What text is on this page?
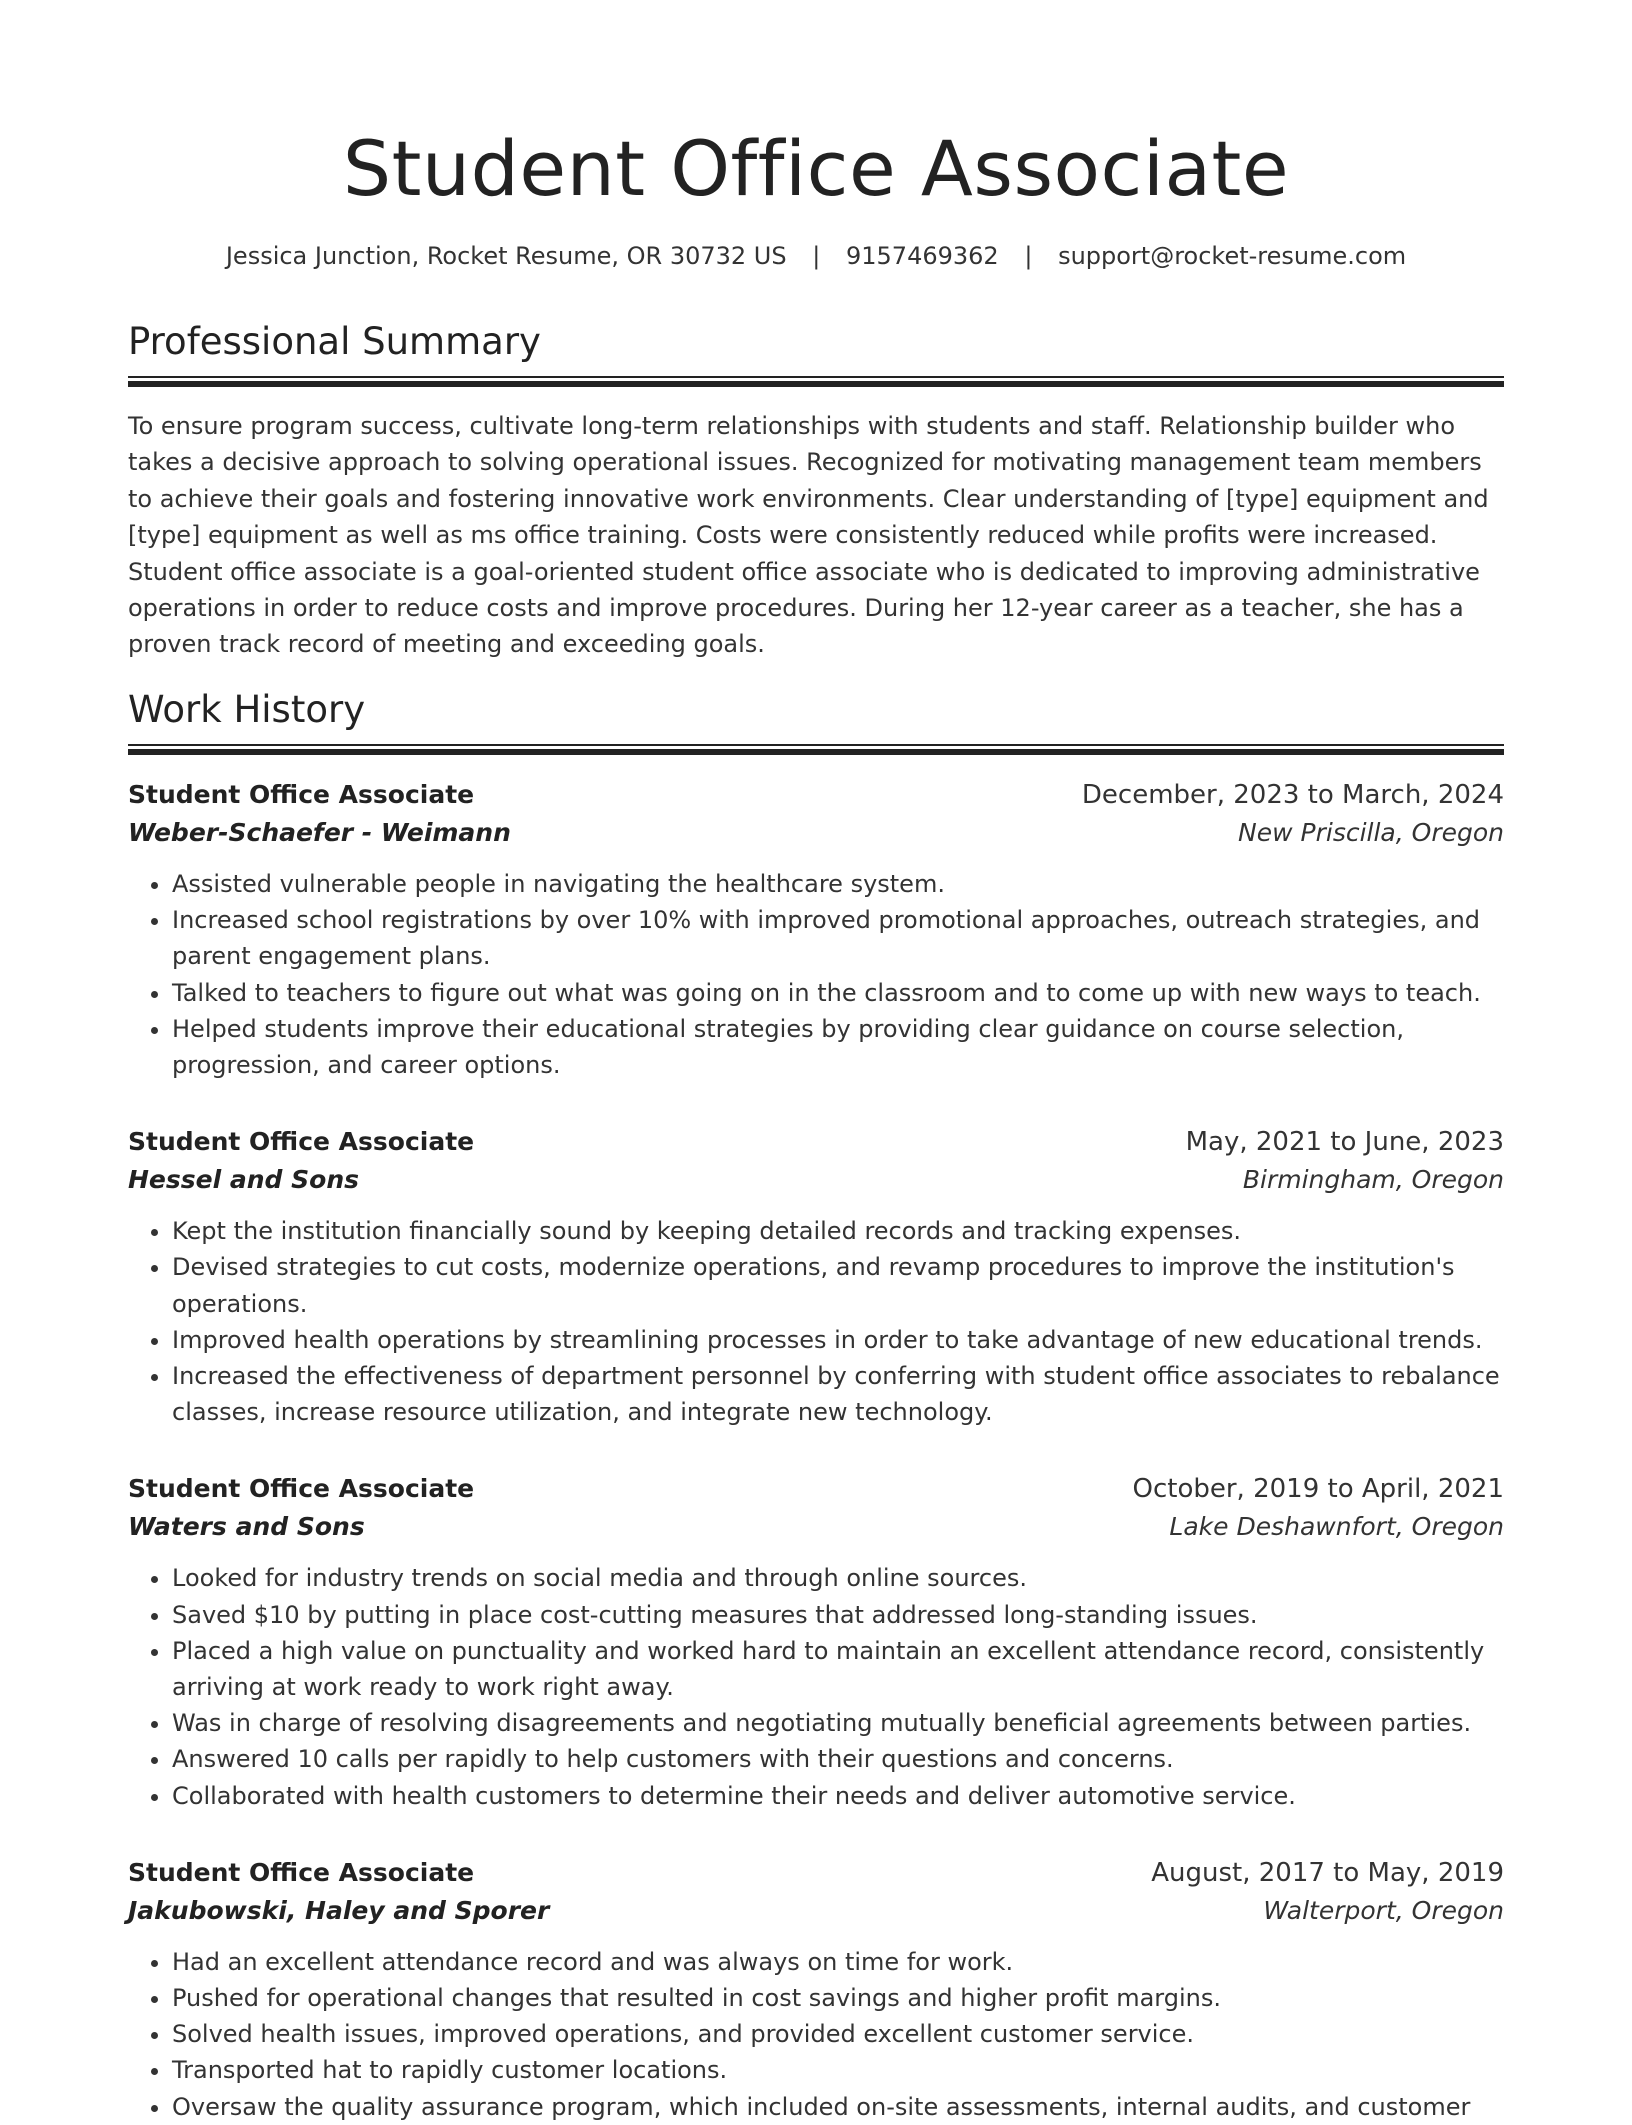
Student Office Associate
Jessica Junction, Rocket Resume, OR 30732 US | 9157469362 | support@rocket-resume.com
Professional Summary

To ensure program success, cultivate long-term relationships with students and staff. Relationship builder who takes a decisive approach to solving operational issues. Recognized for motivating management team members to achieve their goals and fostering innovative work environments. Clear understanding of [type] equipment and [type] equipment as well as ms office training. Costs were consistently reduced while profits were increased. Student office associate is a goal-oriented student office associate who is dedicated to improving administrative operations in order to reduce costs and improve procedures. During her 12-year career as a teacher, she has a proven track record of meeting and exceeding goals.

Work History
Student Office Associate	December, 2023 to March, 2024
Weber-Schaefer - Weimann	New Priscilla, Oregon
• Assisted vulnerable people in navigating the healthcare system.
• Increased school registrations by over 10% with improved promotional approaches, outreach strategies, and parent engagement plans.
• Talked to teachers to figure out what was going on in the classroom and to come up with new ways to teach.
• Helped students improve their educational strategies by providing clear guidance on course selection, progression, and career options.
Student Office Associate	May, 2021 to June, 2023
Hessel and Sons	Birmingham, Oregon
• Kept the institution financially sound by keeping detailed records and tracking expenses.
• Devised strategies to cut costs, modernize operations, and revamp procedures to improve the institution's operations.
• Improved health operations by streamlining processes in order to take advantage of new educational trends.
• Increased the effectiveness of department personnel by conferring with student office associates to rebalance classes, increase resource utilization, and integrate new technology.
Student Office Associate	October, 2019 to April, 2021
Waters and Sons	Lake Deshawnfort, Oregon
• Looked for industry trends on social media and through online sources.
• Saved $10 by putting in place cost-cutting measures that addressed long-standing issues.
• Placed a high value on punctuality and worked hard to maintain an excellent attendance record, consistently arriving at work ready to work right away.
• Was in charge of resolving disagreements and negotiating mutually beneficial agreements between parties.
• Answered 10 calls per rapidly to help customers with their questions and concerns.
• Collaborated with health customers to determine their needs and deliver automotive service.
Student Office Associate	August, 2017 to May, 2019
Jakubowski, Haley and Sporer	Walterport, Oregon
• Had an excellent attendance record and was always on time for work.
• Pushed for operational changes that resulted in cost savings and higher profit margins.
• Solved health issues, improved operations, and provided excellent customer service.
• Transported hat to rapidly customer locations.
• Oversaw the quality assurance program, which included on-site assessments, internal audits, and customer
